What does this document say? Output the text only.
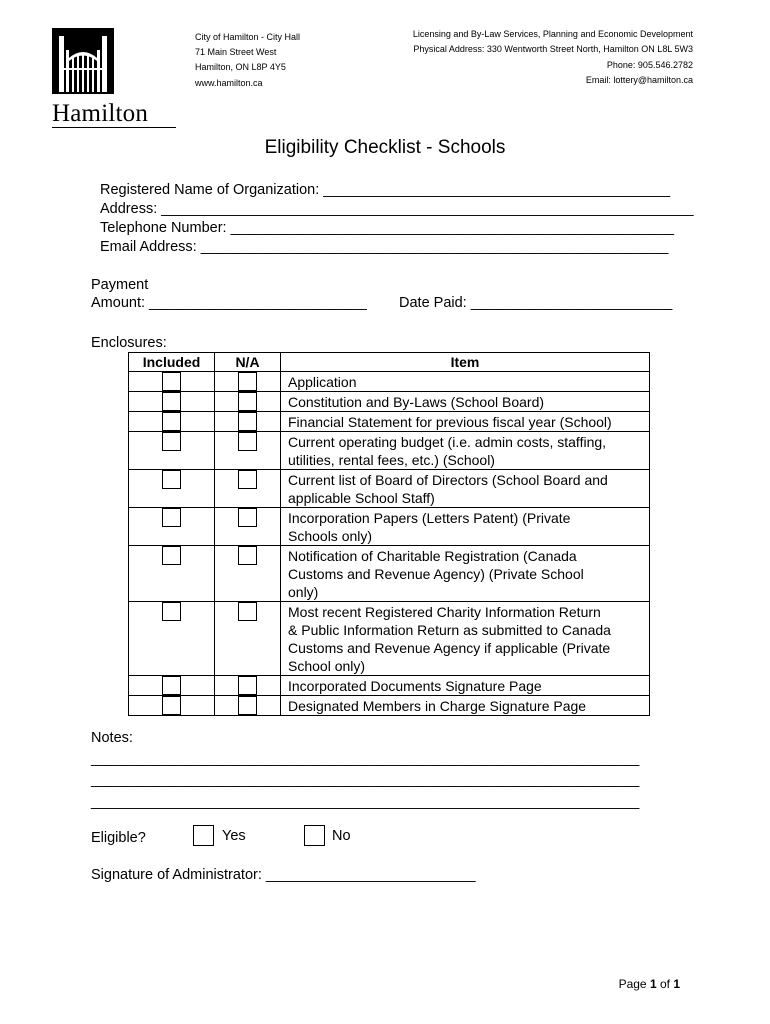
Hamilton
City of Hamilton - City Hall
71 Main Street West
Hamilton, ON L8P 4Y5
www.hamilton.ca
Licensing and By-Law Services, Planning and Economic Development
Physical Address: 330 Wentworth Street North, Hamilton ON L8L 5W3
Phone: 905.546.2782
Email: lottery@hamilton.ca
Eligibility Checklist - Schools
Registered Name of Organization: ___________________________________________
Address: __________________________________________________________________
Telephone Number: _______________________________________________________
Email Address: __________________________________________________________
Payment
Amount: ___________________________ Date Paid: _________________________
Enclosures:
Included	N/A	Item

		Application

		Constitution and By-Laws (School Board)

		Financial Statement for previous fiscal year (School)

		Current operating budget (i.e. admin costs, staffing,
utilities, rental fees, etc.) (School)

		Current list of Board of Directors (School Board and
applicable School Staff)

		Incorporation Papers (Letters Patent) (Private
Schools only)

		Notification of Charitable Registration (Canada
Customs and Revenue Agency) (Private School
only)

		Most recent Registered Charity Information Return
& Public Information Return as submitted to Canada
Customs and Revenue Agency if applicable (Private
School only)

		Incorporated Documents Signature Page

		Designated Members in Charge Signature Page
Notes:
____________________________________________________________________
____________________________________________________________________
____________________________________________________________________
Eligible?	Yes	No
Signature of Administrator: __________________________
Page 1 of 1
